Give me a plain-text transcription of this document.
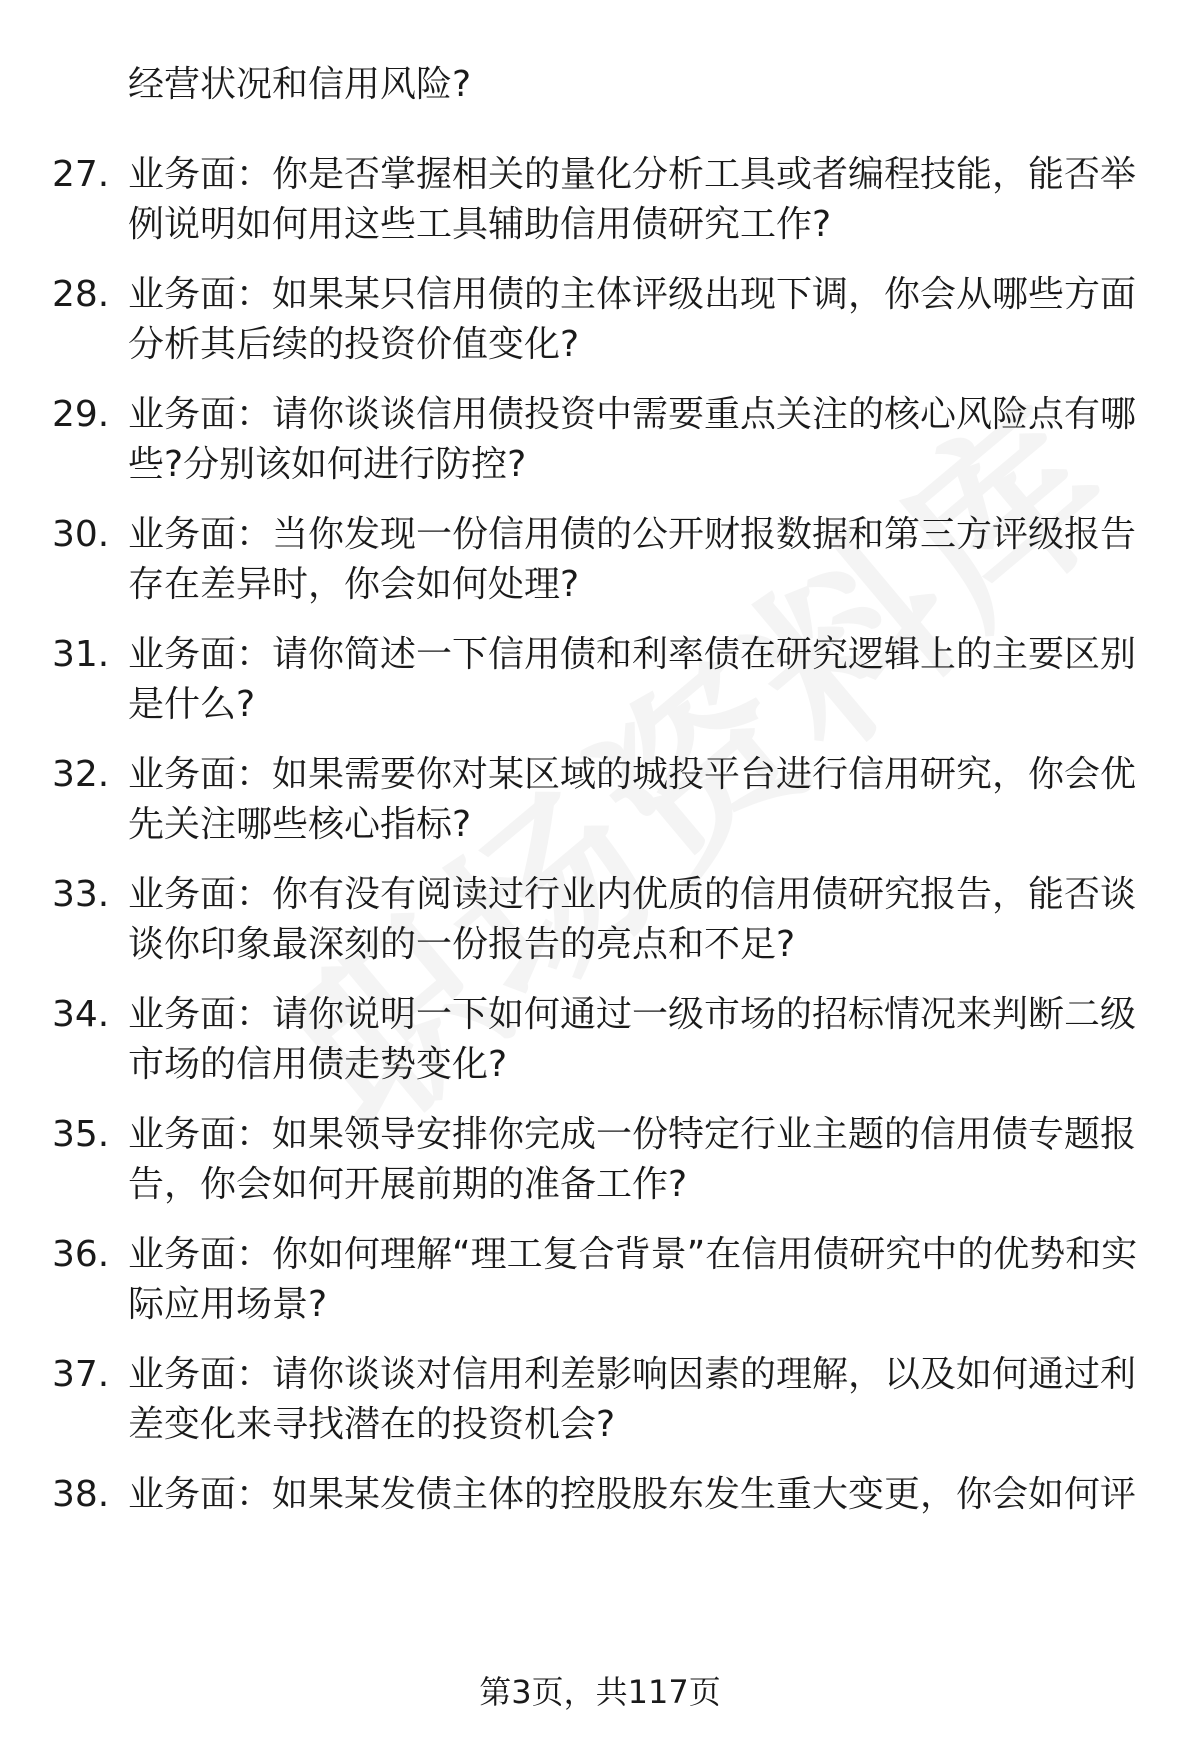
经营状况和信用风险?
27. 业务面：你是否掌握相关的量化分析工具或者编程技能，能否举例说明如何用这些工具辅助信用债研究工作?
28. 业务面：如果某只信用债的主体评级出现下调，你会从哪些方面分析其后续的投资价值变化?
29. 业务面：请你谈谈信用债投资中需要重点关注的核心风险点有哪些?分别该如何进行防控?
30. 业务面：当你发现一份信用债的公开财报数据和第三方评级报告存在差异时，你会如何处理?
31. 业务面：请你简述一下信用债和利率债在研究逻辑上的主要区别是什么?
32. 业务面：如果需要你对某区域的城投平台进行信用研究，你会优先关注哪些核心指标?
33. 业务面：你有没有阅读过行业内优质的信用债研究报告，能否谈谈你印象最深刻的一份报告的亮点和不足?
34. 业务面：请你说明一下如何通过一级市场的招标情况来判断二级市场的信用债走势变化?
35. 业务面：如果领导安排你完成一份特定行业主题的信用债专题报告，你会如何开展前期的准备工作?
36. 业务面：你如何理解“理工复合背景”在信用债研究中的优势和实际应用场景?
37. 业务面：请你谈谈对信用利差影响因素的理解，以及如何通过利差变化来寻找潜在的投资机会?
38. 业务面：如果某发债主体的控股股东发生重大变更，你会如何评
第3页，共117页
